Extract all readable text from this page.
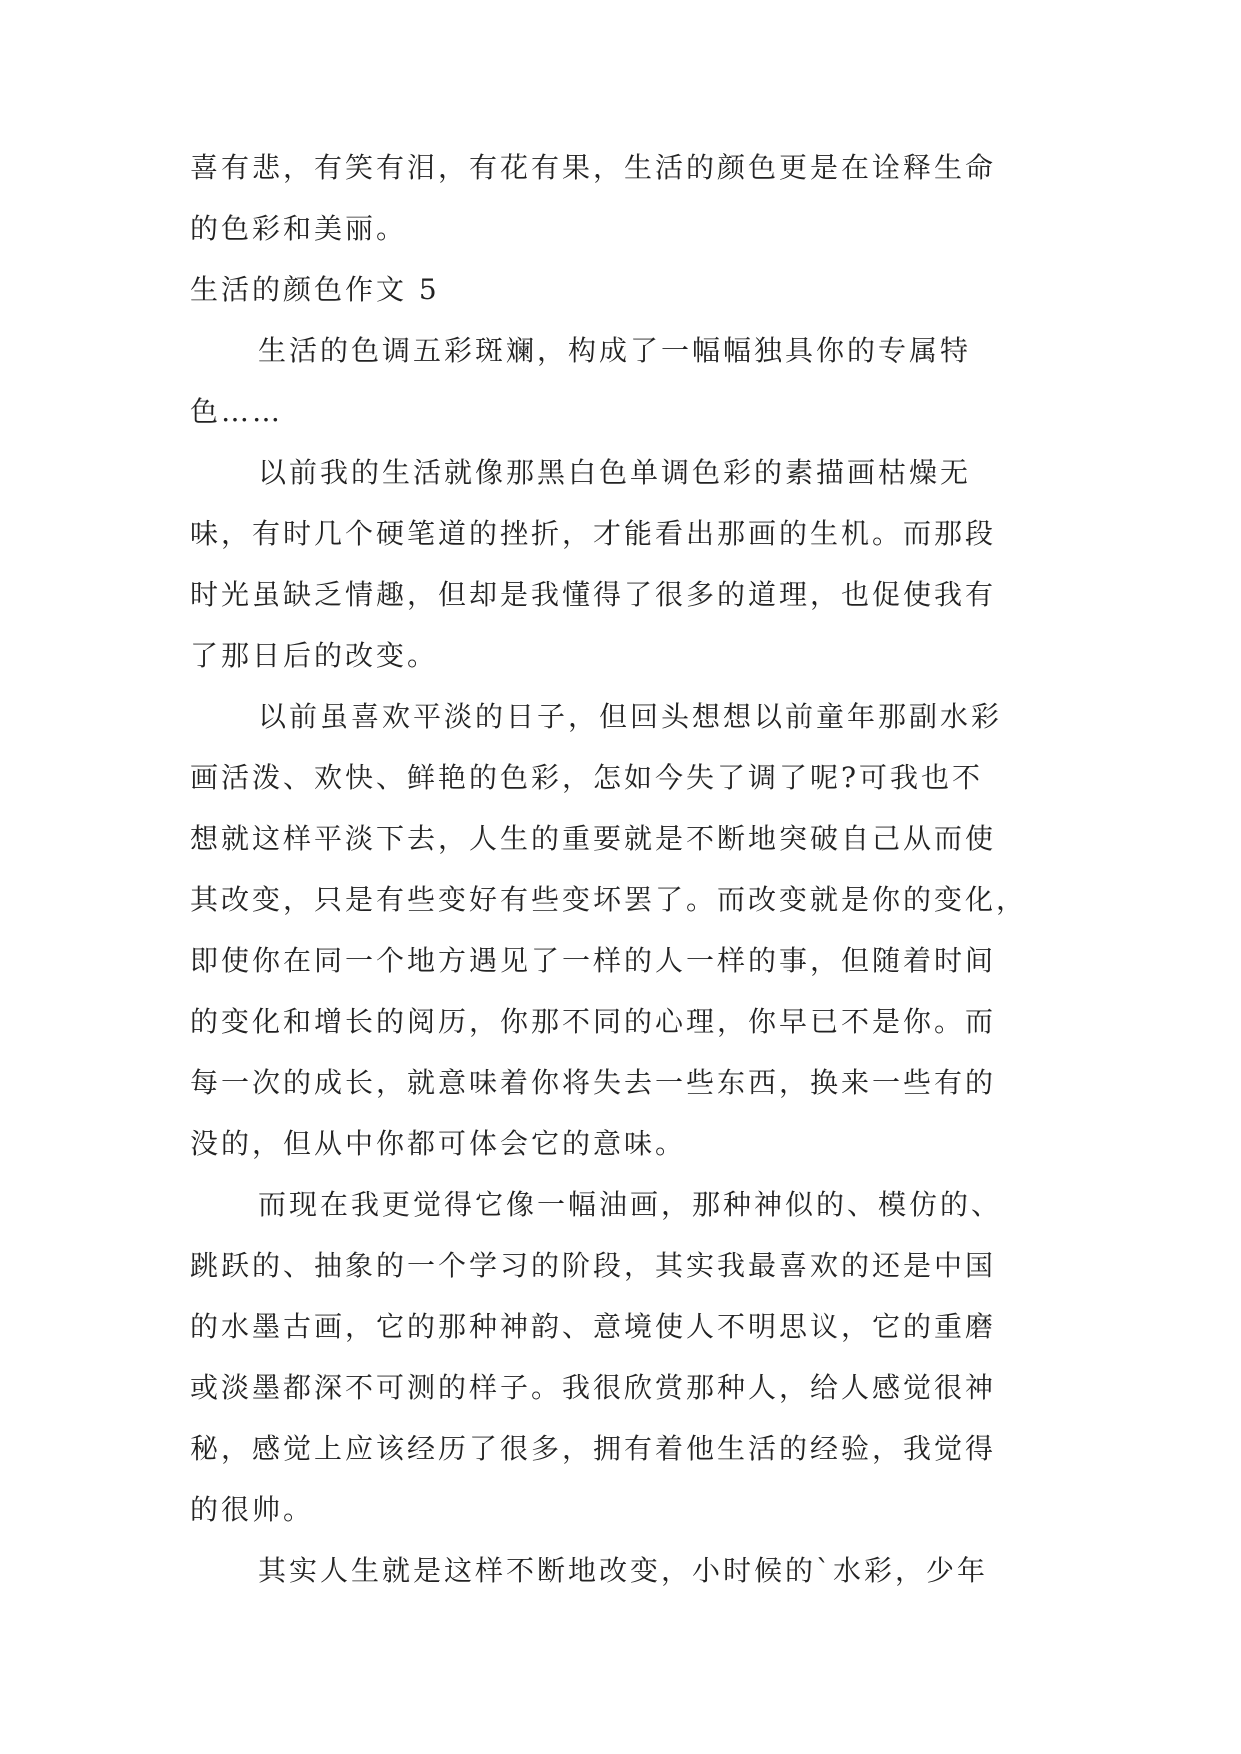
喜有悲，有笑有泪，有花有果，生活的颜色更是在诠释生命
的色彩和美丽。
生活的颜色作文 5
生活的色调五彩斑斓，构成了一幅幅独具你的专属特
色……
以前我的生活就像那黑白色单调色彩的素描画枯燥无
味，有时几个硬笔道的挫折，才能看出那画的生机。而那段
时光虽缺乏情趣，但却是我懂得了很多的道理，也促使我有
了那日后的改变。
以前虽喜欢平淡的日子，但回头想想以前童年那副水彩
画活泼、欢快、鲜艳的色彩，怎如今失了调了呢?可我也不
想就这样平淡下去，人生的重要就是不断地突破自己从而使
其改变，只是有些变好有些变坏罢了。而改变就是你的变化，
即使你在同一个地方遇见了一样的人一样的事，但随着时间
的变化和增长的阅历，你那不同的心理，你早已不是你。而
每一次的成长，就意味着你将失去一些东西，换来一些有的
没的，但从中你都可体会它的意味。
而现在我更觉得它像一幅油画，那种神似的、模仿的、
跳跃的、抽象的一个学习的阶段，其实我最喜欢的还是中国
的水墨古画，它的那种神韵、意境使人不明思议，它的重磨
或淡墨都深不可测的样子。我很欣赏那种人，给人感觉很神
秘，感觉上应该经历了很多，拥有着他生活的经验，我觉得
的很帅。
其实人生就是这样不断地改变，小时候的`水彩，少年
